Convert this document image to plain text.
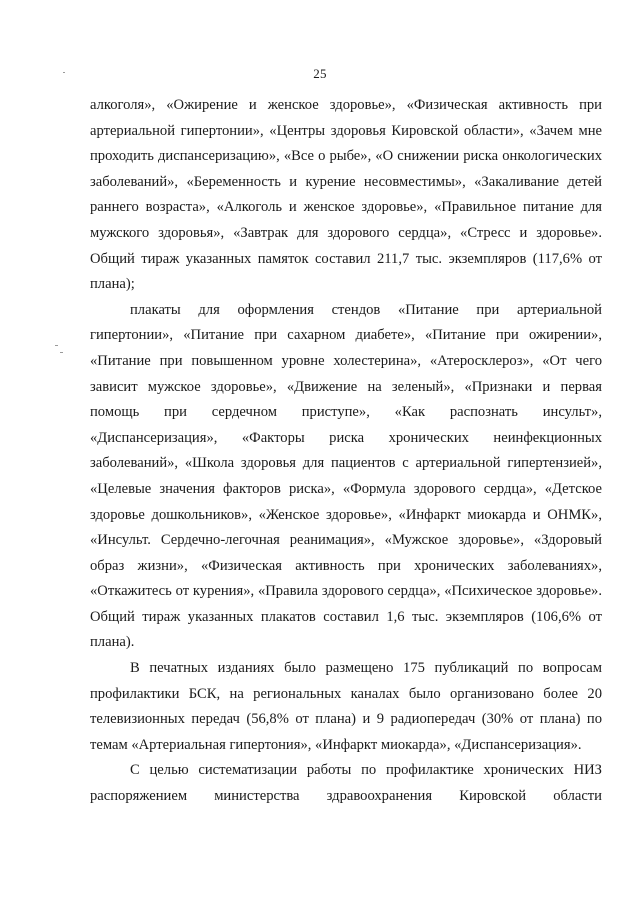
25

алкоголя», «Ожирение и женское здоровье», «Физическая активность при артериальной гипертонии», «Центры здоровья Кировской области», «Зачем мне проходить диспансеризацию», «Все о рыбе», «О снижении риска онкологических заболеваний», «Беременность и курение несовместимы», «Закаливание детей раннего возраста», «Алкоголь и женское здоровье», «Правильное питание для мужского здоровья», «Завтрак для здорового сердца», «Стресс и здоровье». Общий тираж указанных памяток составил 211,7 тыс. экземпляров (117,6% от плана);

плакаты для оформления стендов «Питание при артериальной гипертонии», «Питание при сахарном диабете», «Питание при ожирении», «Питание при повышенном уровне холестерина», «Атеросклероз», «От чего зависит мужское здоровье», «Движение на зеленый», «Признаки и первая помощь при сердечном приступе», «Как распознать инсульт», «Диспансеризация», «Факторы риска хронических неинфекционных заболеваний», «Школа здоровья для пациентов с артериальной гипертензией», «Целевые значения факторов риска», «Формула здорового сердца», «Детское здоровье дошкольников», «Женское здоровье», «Инфаркт миокарда и ОНМК», «Инсульт. Сердечно-легочная реанимация», «Мужское здоровье», «Здоровый образ жизни», «Физическая активность при хронических заболеваниях», «Откажитесь от курения», «Правила здорового сердца», «Психическое здоровье». Общий тираж указанных плакатов составил 1,6 тыс. экземпляров (106,6% от плана).

В печатных изданиях было размещено 175 публикаций по вопросам профилактики БСК, на региональных каналах было организовано более 20 телевизионных передач (56,8% от плана) и 9 радиопередач (30% от плана) по темам «Артериальная гипертония», «Инфаркт миокарда», «Диспансеризация».

С целью систематизации работы по профилактике хронических НИЗ распоряжением министерства здравоохранения Кировской области
